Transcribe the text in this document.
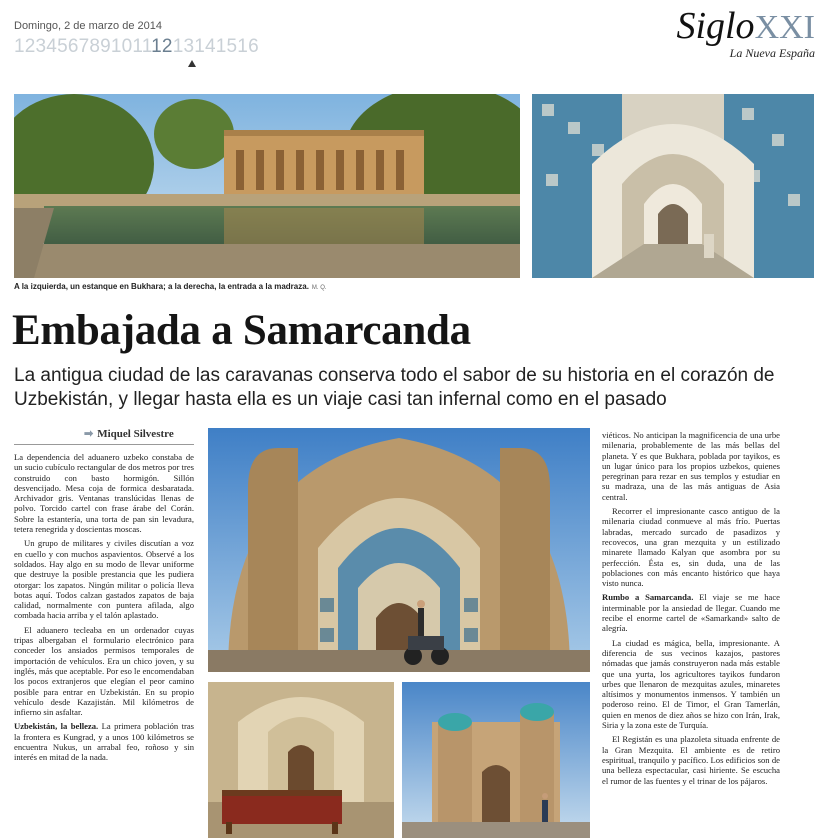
Domingo, 2 de marzo de 2014
12345678910111213141516	SigloXXI
La Nueva España
A la izquierda, un estanque en Bukhara; a la derecha, la entrada a la madraza. M. Q.
Embajada a Samarcanda
La antigua ciudad de las caravanas conserva todo el sabor de su historia en el corazón de Uzbekistán, y llegar hasta ella es un viaje casi tan infernal como en el pasado
➡ Miquel Silvestre

La dependencia del aduanero uzbeko constaba de un sucio cubículo rectangular de dos metros por tres construido con basto hormigón. Sillón desvencijado. Mesa coja de formica desbaratada. Archivador gris. Ventanas translúcidas llenas de polvo. Torcido cartel con frase árabe del Corán. Sobre la estantería, una torta de pan sin levadura, tetera renegrida y doscientas moscas.

Un grupo de militares y civiles discutían a voz en cuello y con muchos aspavientos. Observé a los soldados. Hay algo en su modo de llevar uniforme que destruye la posible prestancia que les pudiera otorgar: los zapatos. Ningún militar o policía lleva botas aquí. Todos calzan gastados zapatos de baja calidad, normalmente con puntera afilada, algo combada hacia arriba y el talón aplastado.

El aduanero tecleaba en un ordenador cuyas tripas albergaban el formulario electrónico para conceder los ansiados permisos temporales de importación de vehículos. Era un chico joven, y su inglés, más que aceptable. Por eso le encomendaban los pocos extranjeros que elegían el peor camino posible para entrar en Uzbekistán. En su propio vehículo desde Kazajistán. Mil kilómetros de infierno sin asfaltar.

Uzbekistán, la belleza. La primera población tras la frontera es Kungrad, y a unos 100 kilómetros se encuentra Nukus, un arrabal feo, roñoso y sin interés en mitad de la nada.

viéticos. No anticipan la magnificencia de una urbe milenaria, probablemente de las más bellas del planeta. Y es que Bukhara, poblada por tayikos, es un lugar único para los propios uzbekos, quienes peregrinan para rezar en sus templos y estudiar en su madraza, una de las más antiguas de Asia central.

Recorrer el impresionante casco antiguo de la milenaria ciudad conmueve al más frío. Puertas labradas, mercado surcado de pasadizos y recovecos, una gran mezquita y un estilizado minarete llamado Kalyan que asombra por su perfección. Ésta es, sin duda, una de las poblaciones con más encanto histórico que haya visto nunca.

Rumbo a Samarcanda. El viaje se me hace interminable por la ansiedad de llegar. Cuando me recibe el enorme cartel de «Samarkand» salto de alegría.

La ciudad es mágica, bella, impresionante. A diferencia de sus vecinos kazajos, pastores nómadas que jamás construyeron nada más estable que una yurta, los agricultores tayikos fundaron urbes que llenaron de mezquitas azules, minaretes altísimos y monumentos inmensos. Y también un poderoso reino. El de Timor, el Gran Tamerlán, quien en menos de diez años se hizo con Irán, Irak, Siria y la zona este de Turquía.

El Registán es una plazoleta situada enfrente de la Gran Mezquita. El ambiente es de retiro espiritual, tranquilo y pacífico. Los edificios son de una belleza espectacular, casi hiriente. Se escucha el rumor de las fuentes y el trinar de los pájaros.
